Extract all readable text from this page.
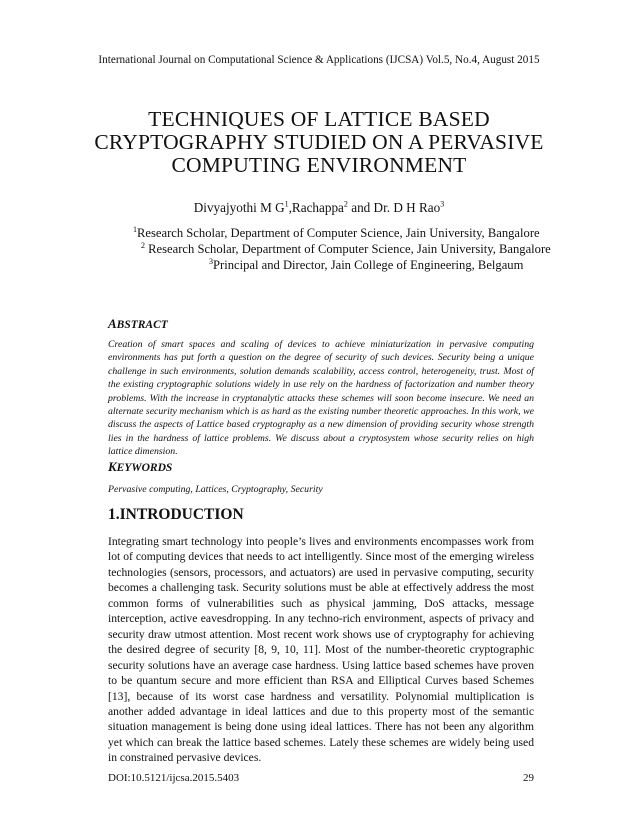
International Journal on Computational Science & Applications (IJCSA) Vol.5, No.4, August 2015
TECHNIQUES OF LATTICE BASED CRYPTOGRAPHY STUDIED ON A PERVASIVE COMPUTING ENVIRONMENT
Divyajyothi M $G^1,Rachappa^2$ and Dr. D H Rao$^3$
$^1$Research Scholar, Department of Computer Science, Jain University, Bangalore
$^2$ Research Scholar, Department of Computer Science, Jain University, Bangalore
$^3$Principal and Director, Jain College of Engineering, Belgaum
ABSTRACT
Creation of smart spaces and scaling of devices to achieve miniaturization in pervasive computing environments has put forth a question on the degree of security of such devices. Security being a unique challenge in such environments, solution demands scalability, access control, heterogeneity, trust. Most of the existing cryptographic solutions widely in use rely on the hardness of factorization and number theory problems. With the increase in cryptanalytic attacks these schemes will soon become insecure. We need an alternate security mechanism which is as hard as the existing number theoretic approaches. In this work, we discuss the aspects of Lattice based cryptography as a new dimension of providing security whose strength lies in the hardness of lattice problems. We discuss about a cryptosystem whose security relies on high lattice dimension.
KEYWORDS
Pervasive computing, Lattices, Cryptography, Security
1.INTRODUCTION
Integrating smart technology into people’s lives and environments encompasses work from lot of computing devices that needs to act intelligently. Since most of the emerging wireless technologies (sensors, processors, and actuators) are used in pervasive computing, security becomes a challenging task. Security solutions must be able at effectively address the most common forms of vulnerabilities such as physical jamming, DoS attacks, message interception, active eavesdropping. In any techno-rich environment, aspects of privacy and security draw utmost attention. Most recent work shows use of cryptography for achieving the desired degree of security [8, 9, 10, 11]. Most of the number-theoretic cryptographic security solutions have an average case hardness. Using lattice based schemes have proven to be quantum secure and more efficient than RSA and Elliptical Curves based Schemes [13], because of its worst case hardness and versatility. Polynomial multiplication is another added advantage in ideal lattices and due to this property most of the semantic situation management is being done using ideal lattices. There has not been any algorithm yet which can break the lattice based schemes. Lately these schemes are widely being used in constrained pervasive devices.
DOI:10.5121/ijcsa.2015.5403	29
